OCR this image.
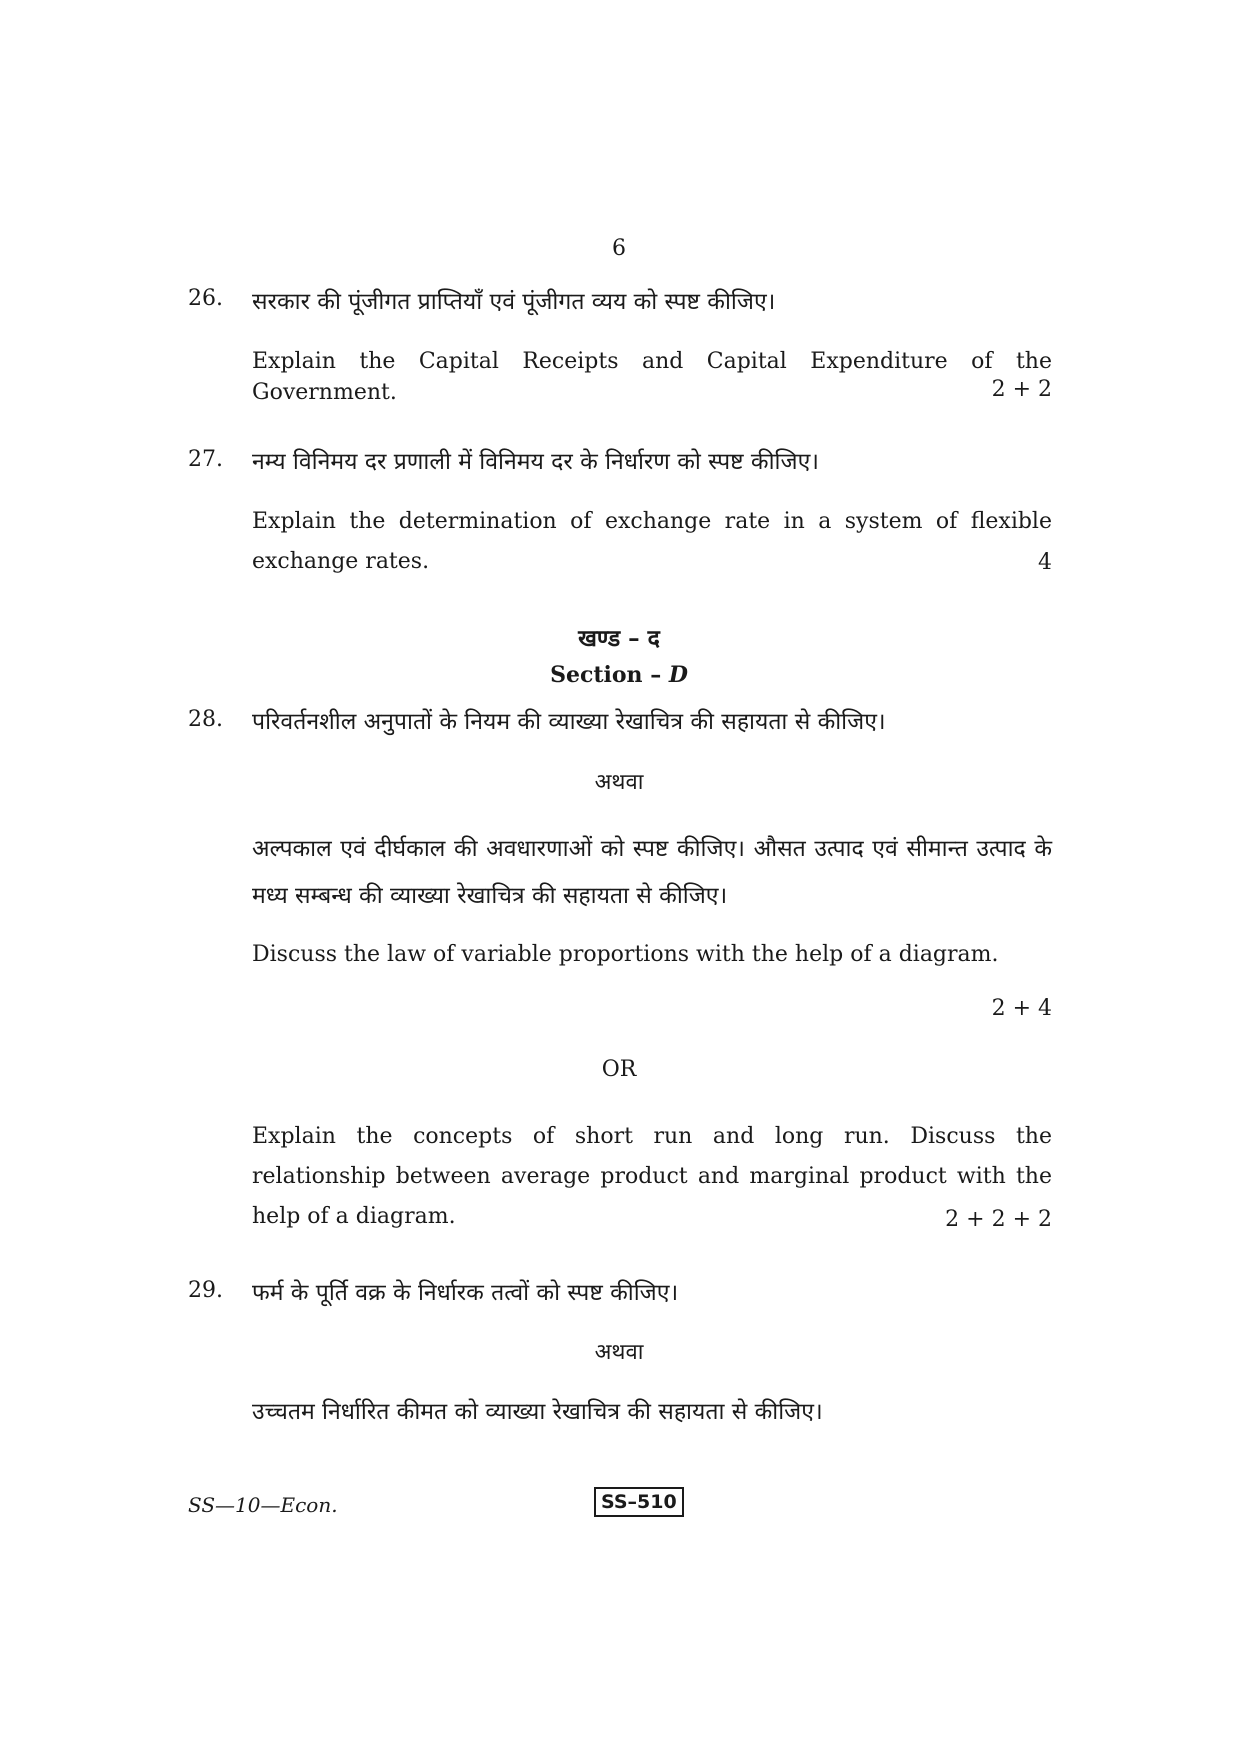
6
26. सरकार की पूंजीगत प्राप्तियाँ एवं पूंजीगत व्यय को स्पष्ट कीजिए।
Explain the Capital Receipts and Capital Expenditure of the Government.	2 + 2
27. नम्य विनिमय दर प्रणाली में विनिमय दर के निर्धारण को स्पष्ट कीजिए।
Explain the determination of exchange rate in a system of flexible exchange rates.	4
खण्ड – द
Section – D
28. परिवर्तनशील अनुपातों के नियम की व्याख्या रेखाचित्र की सहायता से कीजिए।
अथवा
अल्पकाल एवं दीर्घकाल की अवधारणाओं को स्पष्ट कीजिए। औसत उत्पाद एवं सीमान्त उत्पाद के मध्य सम्बन्ध की व्याख्या रेखाचित्र की सहायता से कीजिए।
Discuss the law of variable proportions with the help of a diagram.
2 + 4
OR
Explain the concepts of short run and long run. Discuss the relationship between average product and marginal product with the help of a diagram.	2 + 2 + 2
29. फर्म के पूर्ति वक्र के निर्धारक तत्वों को स्पष्ट कीजिए।
अथवा
उच्चतम निर्धारित कीमत को व्याख्या रेखाचित्र की सहायता से कीजिए।
SS—10—Econ.	SS–510
